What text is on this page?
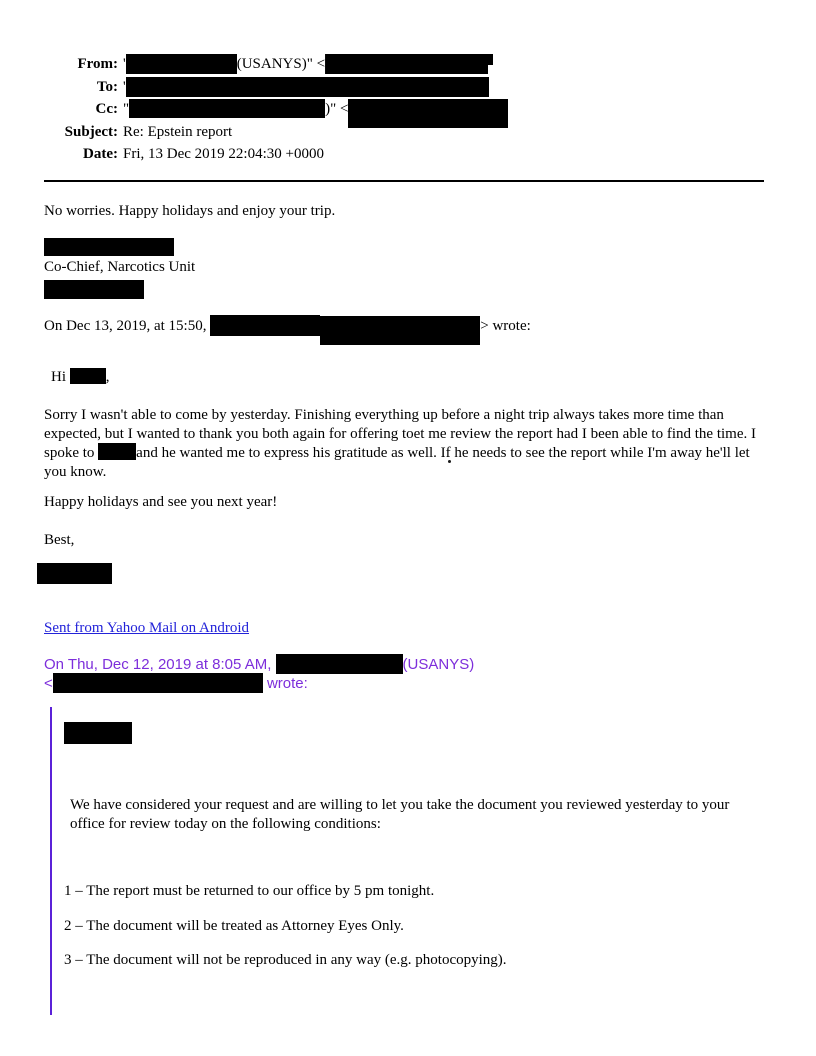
From: '	(USANYS)" <
To: '
Cc: "	)" <
Subject: Re: Epstein report
Date: Fri, 13 Dec 2019 22:04:30 +0000

No worries. Happy holidays and enjoy your trip.

Co-Chief, Narcotics Unit

On Dec 13, 2019, at 15:50,	> wrote:

Hi	,

Sorry I wasn't able to come by yesterday. Finishing everything up before a night trip always takes more time than expected, but I wanted to thank you both again for offering toet me review the report had I been able to find the time. I spoke to	and he wanted me to express his gratitude as well. If he needs to see the report while I'm away he'll let you know.

Happy holidays and see you next year!

Best,

Sent from Yahoo Mail on Android

On Thu, Dec 12, 2019 at 8:05 AM,	(USANYS)
<	wrote:

We have considered your request and are willing to let you take the document you reviewed yesterday to your office for review today on the following conditions:

1 – The report must be returned to our office by 5 pm tonight.

2 – The document will be treated as Attorney Eyes Only.

3 – The document will not be reproduced in any way (e.g. photocopying).
